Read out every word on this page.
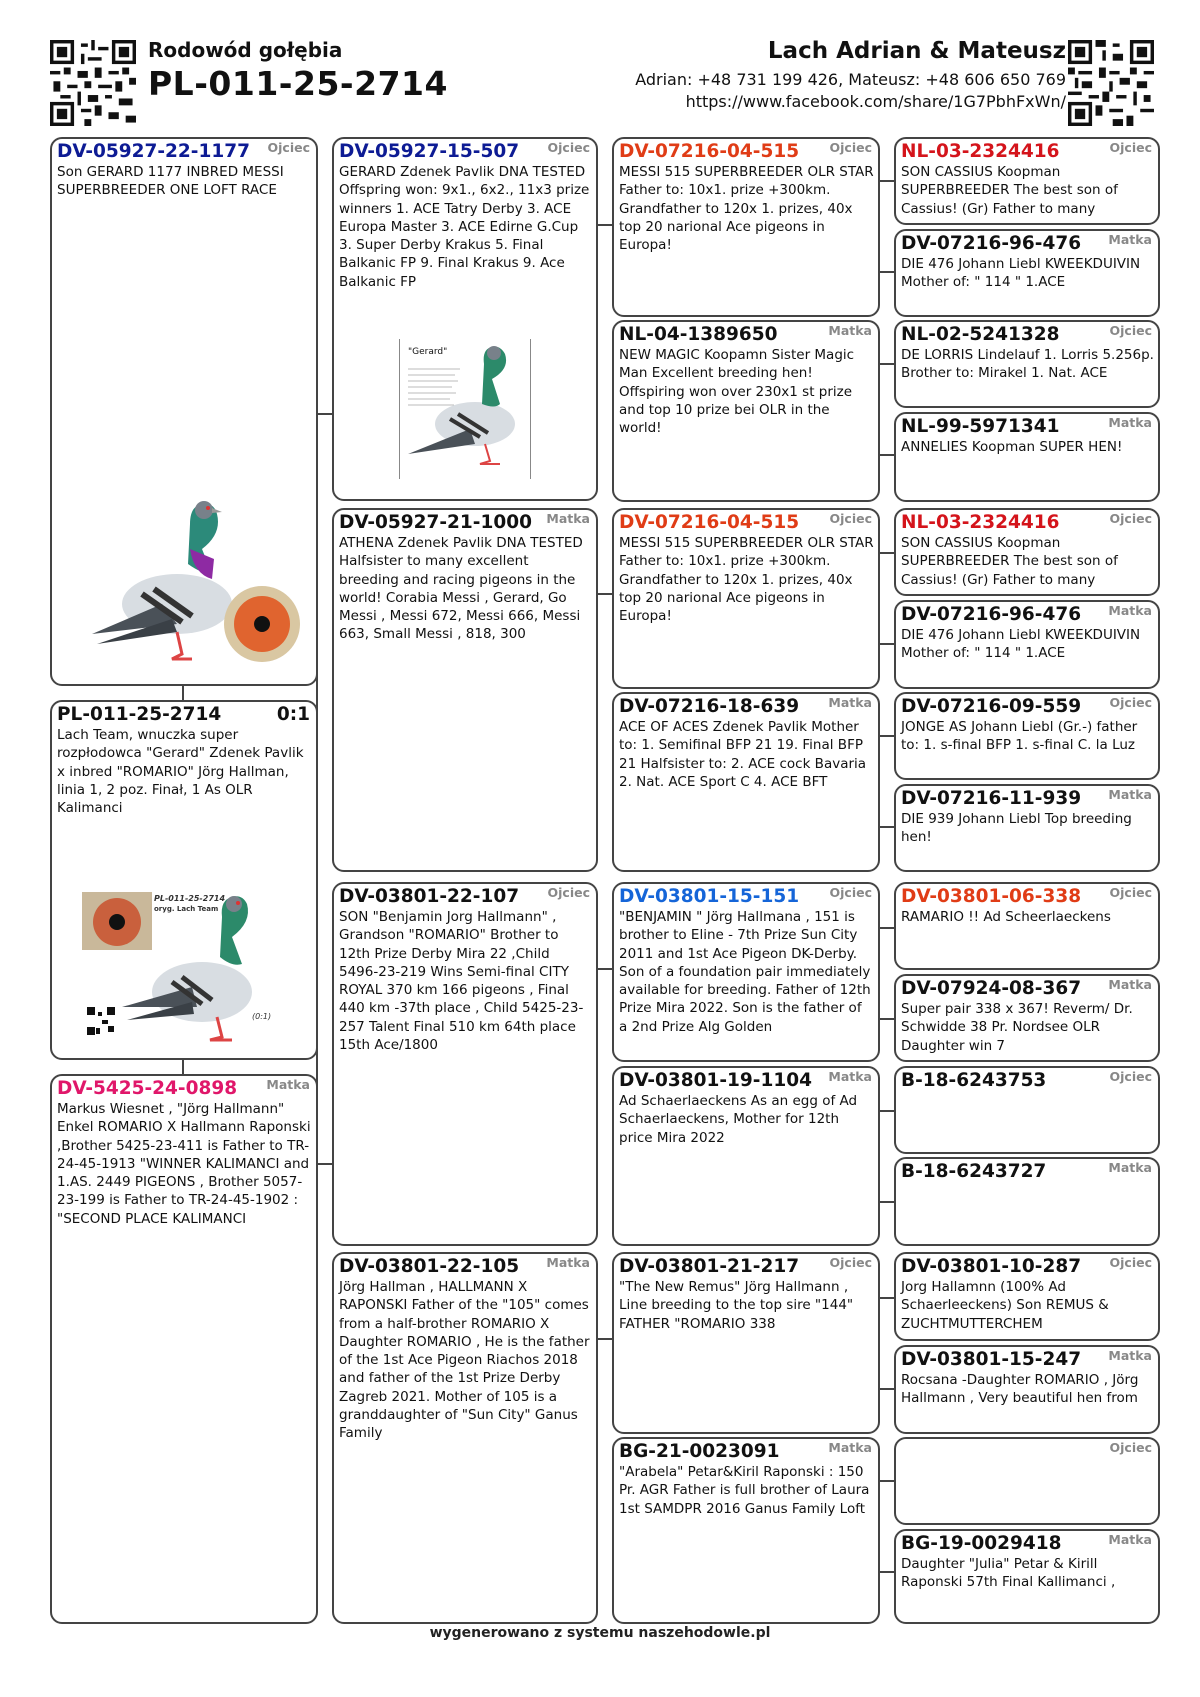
Rodowód gołębia
PL-011-25-2714
Lach Adrian & Mateusz
Adrian: +48 731 199 426, Mateusz: +48 606 650 769
https://www.facebook.com/share/1G7PbhFxWn/
DV-05927-22-1177	Ojciec
Son GERARD 1177 INBRED MESSI SUPERBREEDER ONE LOFT RACE
PL-011-25-2714	0:1
Lach Team, wnuczka super rozpłodowca "Gerard" Zdenek Pavlik x inbred "ROMARIO" Jörg Hallman, linia 1, 2 poz. Finał, 1 As OLR Kalimanci
PL-011-25-2714
oryg. Lach Team
(0:1)
DV-5425-24-0898	Matka
Markus Wiesnet , "Jörg Hallmann" Enkel ROMARIO X Hallmann Raponski ,Brother 5425-23-411 is Father to TR-24-45-1913 "WINNER KALIMANCI and 1.AS. 2449 PIGEONS , Brother 5057-23-199 is Father to TR-24-45-1902 : "SECOND PLACE KALIMANCI
DV-05927-15-507	Ojciec
GERARD Zdenek Pavlik DNA TESTED Offspring won: 9x1., 6x2., 11x3 prize winners 1. ACE Tatry Derby 3. ACE Europa Master 3. ACE Edirne G.Cup 3. Super Derby Krakus 5. Final Balkanic FP 9. Final Krakus 9. Ace Balkanic FP
"Gerard"
DV-05927-21-1000	Matka
ATHENA Zdenek Pavlik DNA TESTED Halfsister to many excellent breeding and racing pigeons in the world! Corabia Messi , Gerard, Go Messi , Messi 672, Messi 666, Messi 663, Small Messi , 818, 300
DV-03801-22-107	Ojciec
SON "Benjamin Jorg Hallmann" , Grandson "ROMARIO" Brother to 12th Prize Derby Mira 22 ,Child 5496-23-219 Wins Semi-final CITY ROYAL 370 km 166 pigeons , Final 440 km -37th place , Child 5425-23-257 Talent Final 510 km 64th place 15th Ace/1800
DV-03801-22-105	Matka
Jörg Hallman , HALLMANN X RAPONSKI Father of the "105" comes from a half-brother ROMARIO X Daughter ROMARIO , He is the father of the 1st Ace Pigeon Riachos 2018 and father of the 1st Prize Derby Zagreb 2021. Mother of 105 is a granddaughter of "Sun City" Ganus Family
DV-07216-04-515	Ojciec
MESSI 515 SUPERBREEDER OLR STAR Father to: 10x1. prize +300km. Grandfather to 120x 1. prizes, 40x top 20 narional Ace pigeons in Europa!
NL-04-1389650	Matka
NEW MAGIC Koopamn Sister Magic Man Excellent breeding hen! Offspiring won over 230x1 st prize and top 10 prize bei OLR in the world!
DV-07216-04-515	Ojciec
MESSI 515 SUPERBREEDER OLR STAR Father to: 10x1. prize +300km. Grandfather to 120x 1. prizes, 40x top 20 narional Ace pigeons in Europa!
DV-07216-18-639	Matka
ACE OF ACES Zdenek Pavlik Mother to: 1. Semifinal BFP 21 19. Final BFP 21 Halfsister to: 2. ACE cock Bavaria 2. Nat. ACE Sport C 4. ACE BFT
DV-03801-15-151	Ojciec
"BENJAMIN " Jörg Hallmana , 151 is brother to Eline - 7th Prize Sun City 2011 and 1st Ace Pigeon DK-Derby. Son of a foundation pair immediately available for breeding. Father of 12th Prize Mira 2022. Son is the father of a 2nd Prize Alg Golden
DV-03801-19-1104	Matka
Ad Schaerlaeckens As an egg of Ad Schaerlaeckens, Mother for 12th price Mira 2022
DV-03801-21-217	Ojciec
"The New Remus" Jörg Hallmann , Line breeding to the top sire "144" FATHER "ROMARIO 338
BG-21-0023091	Matka
"Arabela" Petar&Kiril Raponski : 150 Pr. AGR Father is full brother of Laura 1st SAMDPR 2016 Ganus Family Loft
NL-03-2324416	Ojciec
SON CASSIUS Koopman SUPERBREEDER The best son of Cassius! (Gr) Father to many
DV-07216-96-476	Matka
DIE 476 Johann Liebl KWEEKDUIVIN Mother of: " 114 " 1.ACE
NL-02-5241328	Ojciec
DE LORRIS Lindelauf 1. Lorris 5.256p. Brother to: Mirakel 1. Nat. ACE
NL-99-5971341	Matka
ANNELIES Koopman SUPER HEN!
NL-03-2324416	Ojciec
SON CASSIUS Koopman SUPERBREEDER The best son of Cassius! (Gr) Father to many
DV-07216-96-476	Matka
DIE 476 Johann Liebl KWEEKDUIVIN Mother of: " 114 " 1.ACE
DV-07216-09-559	Ojciec
JONGE AS Johann Liebl (Gr.-) father to: 1. s-final BFP 1. s-final C. la Luz
DV-07216-11-939	Matka
DIE 939 Johann Liebl Top breeding hen!
DV-03801-06-338	Ojciec
RAMARIO !! Ad Scheerlaeckens
DV-07924-08-367	Matka
Super pair 338 x 367! Reverm/ Dr. Schwidde 38 Pr. Nordsee OLR Daughter win 7
B-18-6243753	Ojciec
B-18-6243727	Matka
DV-03801-10-287	Ojciec
Jorg Hallamnn (100% Ad Schaerleeckens) Son REMUS & ZUCHTMUTTERCHEM
DV-03801-15-247	Matka
Rocsana -Daughter ROMARIO , Jörg Hallmann , Very beautiful hen from
Ojciec
BG-19-0029418	Matka
Daughter "Julia" Petar & Kirill Raponski 57th Final Kallimanci ,
wygenerowano z systemu naszehodowle.pl
